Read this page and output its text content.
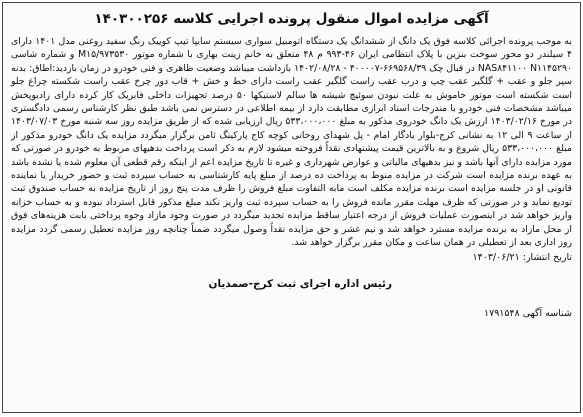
آگهی مزایده اموال منقول پرونده اجرایی کلاسه ۱۴۰۳۰۰۲۵۶

به موجب پرونده اجرائی کلاسه فوق یک دانگ از ششدانگ یک دستگاه اتومبیل سواری سیستم سایپا تیپ کوییک رنگ سفید روغنی مدل ۱۴۰۱ دارای ۴ سیلندر دو محور سوخت بنزین با پلاک انتظامی ایران ۴۶-۹۹۳ م ۴۸ متعلق به خانم زینت بهاری با شماره موتور M۱۵/۹۷۳۵۳۰ و شماره شاسی NAS۸۴۱۱۰۰ N۱۱۴۵۲۹۰ در قبال چک ۶۶۹۵۶۸/۳۹-۴۰۰۰۰۷ - ۱۴۰۲/۰۸/۲۸ بازداشت میباشد وضعیت ظاهری و فنی خودرو در زمان بازدید:اطاق: بدنه سپر جلو و عقب + گلگیر عقب چپ و درب عقب راست گلگیر عقب راست دارای خط و خش + قاب دور چرخ عقب راست شکسته چراغ جلو است شکسته است موتور خاموش به علت نبودن سوئیچ شیشه ها سالم لاستیکها ۵۰ درصد تجهیزات داخلی فابریک کار کرده دارای رادیوپخش میباشد مشخصات فنی خودرو با مندرجات اسناد ابرازی مطابقت دارد از بیمه اطلاعی در دسترس نمی باشد طبق نظر کارشناس رسمی دادگستری در مورخ ۱۴۰۳/۰۲/۱۶ ارزش یک دانگ خودروی مذکور به مبلغ ۵۳۳،۰۰۰،۰۰۰ ریال ارزیابی شده که از طریق مزایده روز سه شنبه مورخ ۱۴۰۳/۰۷/۰۳ از ساعت ۹ الی ۱۲ به نشانی کرج-بلوار یادگار امام - پل شهدای روحانی کوچه کاج پارکینگ ثامن برگزار میگردد مزایده یک دانگ خودرو مذکور از مبلغ ۵۳۳،۰۰۰،۰۰۰ ریال شروع و به بالاترین قیمت پیشنهادی نقداً فروخته میشود لازم به ذکر است پرداخت بدهیهای مربوط به خودرو در صورتی که مورد مزایده دارای آنها باشد و نیز بدهیهای مالیاتی و عوارض شهرداری و غیره تا تاریخ مزایده اعم از اینکه رقم قطعی آن معلوم شده یا نشده باشد به عهده برنده مزایده است شرکت در مزایده منوط به پرداخت ده درصد از مبلغ پایه کارشناسی به حساب سپرده ثبت و حضور خریدار یا نماینده قانونی او در جلسه مزایده است برنده مزایده مکلف است مابه التفاوت مبلغ فروش را ظرف مدت پنج روز از تاریخ مزایده به حساب صندوق ثبت تودیع نماید و در صورتی که ظرف مهلت مقرر مانده فروش را به حساب سپرده ثبت واریز نکند مبلغ مذکور قابل استرداد نبوده و به حساب خزانه واریز خواهد شد در اینصورت عملیات فروش از درجه اعتبار ساقط مزایده تجدید میگردد در صورت وجود مازاد وجوه پرداختی بابت هزینه‌های فوق از محل مازاد به برنده مزایده مسترد خواهد شد و نیم عشر و حق مزایده نقداً وصول میگردد ضمناً چنانچه روز مزایده تعطیل رسمی گردد مزایده روز اداری بعد از تعطیلی در همان ساعت و مکان مقرر برگزار خواهد شد.

تاریخ انتشار: ۱۴۰۳/۰۶/۲۱
رئیس اداره اجرای ثبت کرج-صمدیان
شناسه آگهی ۱۷۹۱۵۴۸
